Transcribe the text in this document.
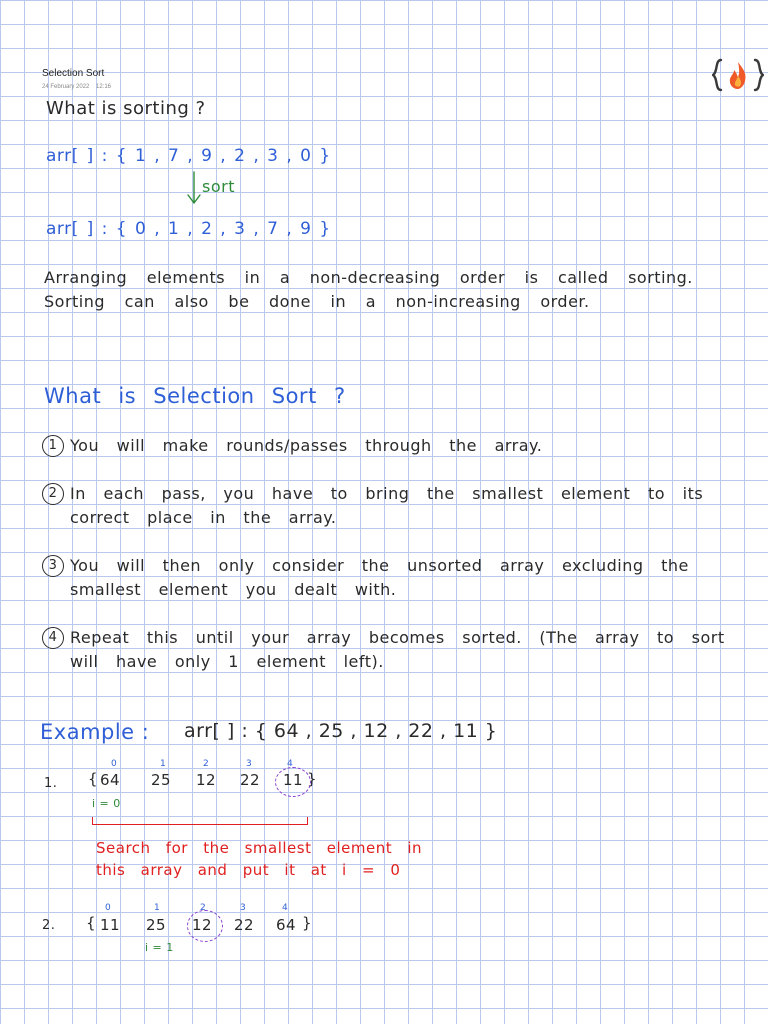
Selection Sort
24 February 2022 12:16
What is sorting ?
arr[ ] : { 1 , 7 , 9 , 2 , 3 , 0 }
sort
arr[ ] : { 0 , 1 , 2 , 3 , 7 , 9 }
Arranging elements in a non-decreasing order is called sorting. Sorting can also be done in a non-increasing order.
What is Selection Sort ?
1 You will make rounds/passes through the array.
2 In each pass, you have to bring the smallest element to its correct place in the array.
3 You will then only consider the unsorted array excluding the smallest element you dealt with.
4 Repeat this until your array becomes sorted. (The array to sort will have only 1 element left).
Example : arr[ ] : { 64 , 25 , 12 , 22 , 11 }
1. { 64 25 12 22 11 }
0	1	2	3	4
i = 0
Search for the smallest element in this array and put it at i = 0
2. { 11 25 12 22 64 }
0	1	2	3	4
i = 1
